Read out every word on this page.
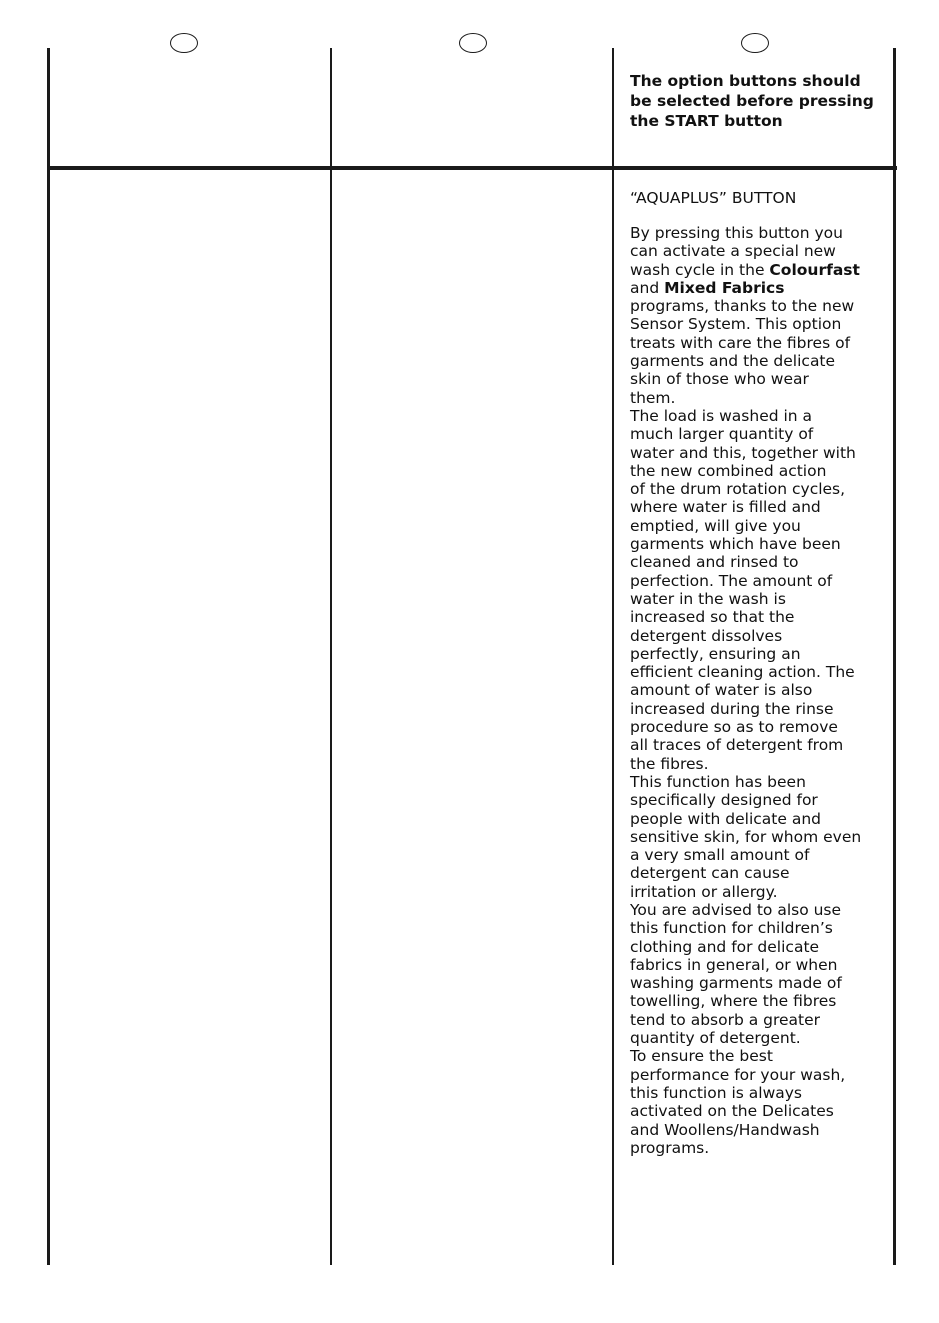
The option buttons should
be selected before pressing
the START button

“AQUAPLUS” BUTTON

By pressing this button you
can activate a special new
wash cycle in the Colourfast
and Mixed Fabrics
programs, thanks to the new
Sensor System. This option
treats with care the fibres of
garments and the delicate
skin of those who wear
them.
The load is washed in a
much larger quantity of
water and this, together with
the new combined action
of the drum rotation cycles,
where water is filled and
emptied, will give you
garments which have been
cleaned and rinsed to
perfection. The amount of
water in the wash is
increased so that the
detergent dissolves
perfectly, ensuring an
efficient cleaning action. The
amount of water is also
increased during the rinse
procedure so as to remove
all traces of detergent from
the fibres.
This function has been
specifically designed for
people with delicate and
sensitive skin, for whom even
a very small amount of
detergent can cause
irritation or allergy.
You are advised to also use
this function for children’s
clothing and for delicate
fabrics in general, or when
washing garments made of
towelling, where the fibres
tend to absorb a greater
quantity of detergent.
To ensure the best
performance for your wash,
this function is always
activated on the Delicates
and Woollens/Handwash
programs.
